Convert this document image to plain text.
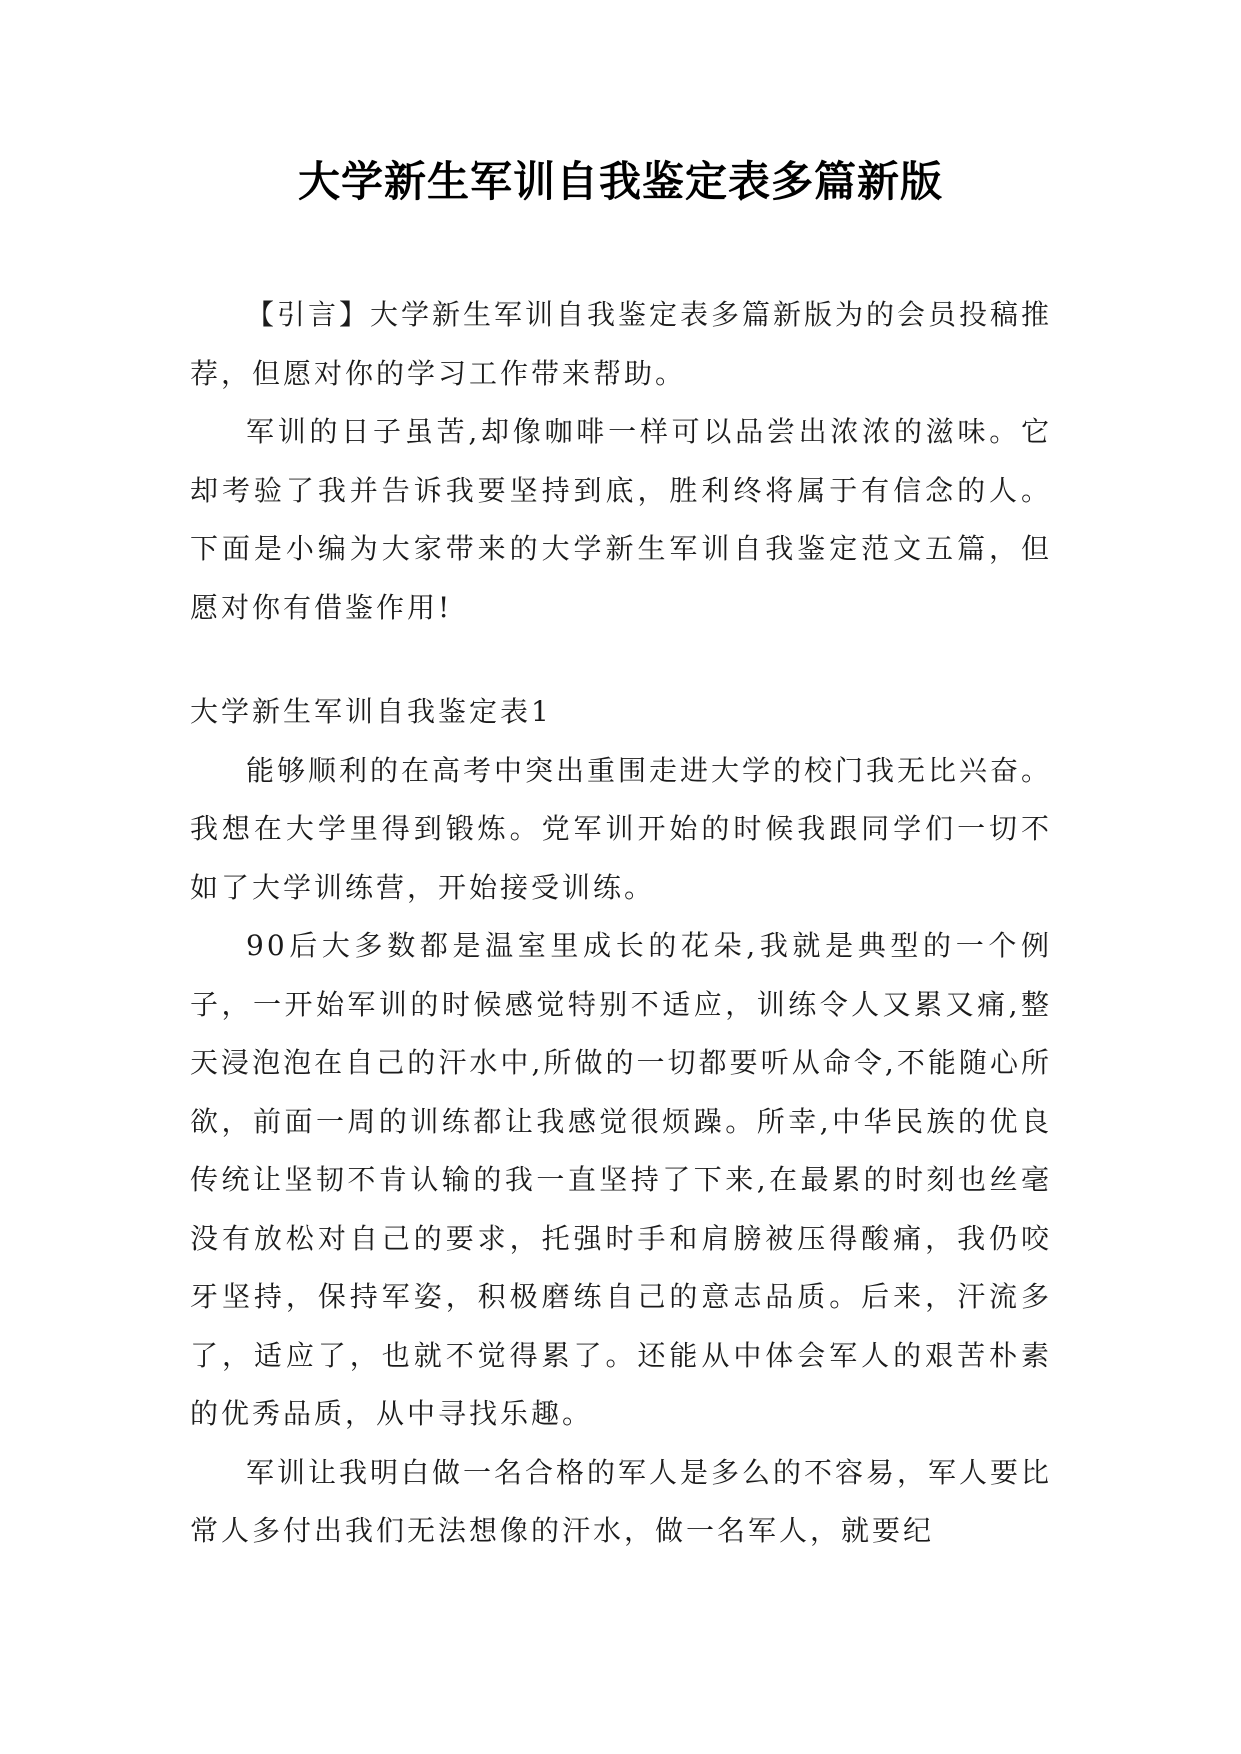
大学新生军训自我鉴定表多篇新版

【引言】大学新生军训自我鉴定表多篇新版为的会员投稿推荐，但愿对你的学习工作带来帮助。

军训的日子虽苦,却像咖啡一样可以品尝出浓浓的滋味。它却考验了我并告诉我要坚持到底，胜利终将属于有信念的人。下面是小编为大家带来的大学新生军训自我鉴定范文五篇，但愿对你有借鉴作用!

大学新生军训自我鉴定表1

能够顺利的在高考中突出重围走进大学的校门我无比兴奋。我想在大学里得到锻炼。党军训开始的时候我跟同学们一切不如了大学训练营，开始接受训练。

90后大多数都是温室里成长的花朵,我就是典型的一个例子，一开始军训的时候感觉特别不适应，训练令人又累又痛,整天浸泡泡在自己的汗水中,所做的一切都要听从命令,不能随心所欲，前面一周的训练都让我感觉很烦躁。所幸,中华民族的优良传统让坚韧不肯认输的我一直坚持了下来,在最累的时刻也丝毫没有放松对自己的要求，托强时手和肩膀被压得酸痛，我仍咬牙坚持，保持军姿，积极磨练自己的意志品质。后来，汗流多了，适应了，也就不觉得累了。还能从中体会军人的艰苦朴素的优秀品质，从中寻找乐趣。

军训让我明白做一名合格的军人是多么的不容易，军人要比常人多付出我们无法想像的汗水，做一名军人，就要纪
